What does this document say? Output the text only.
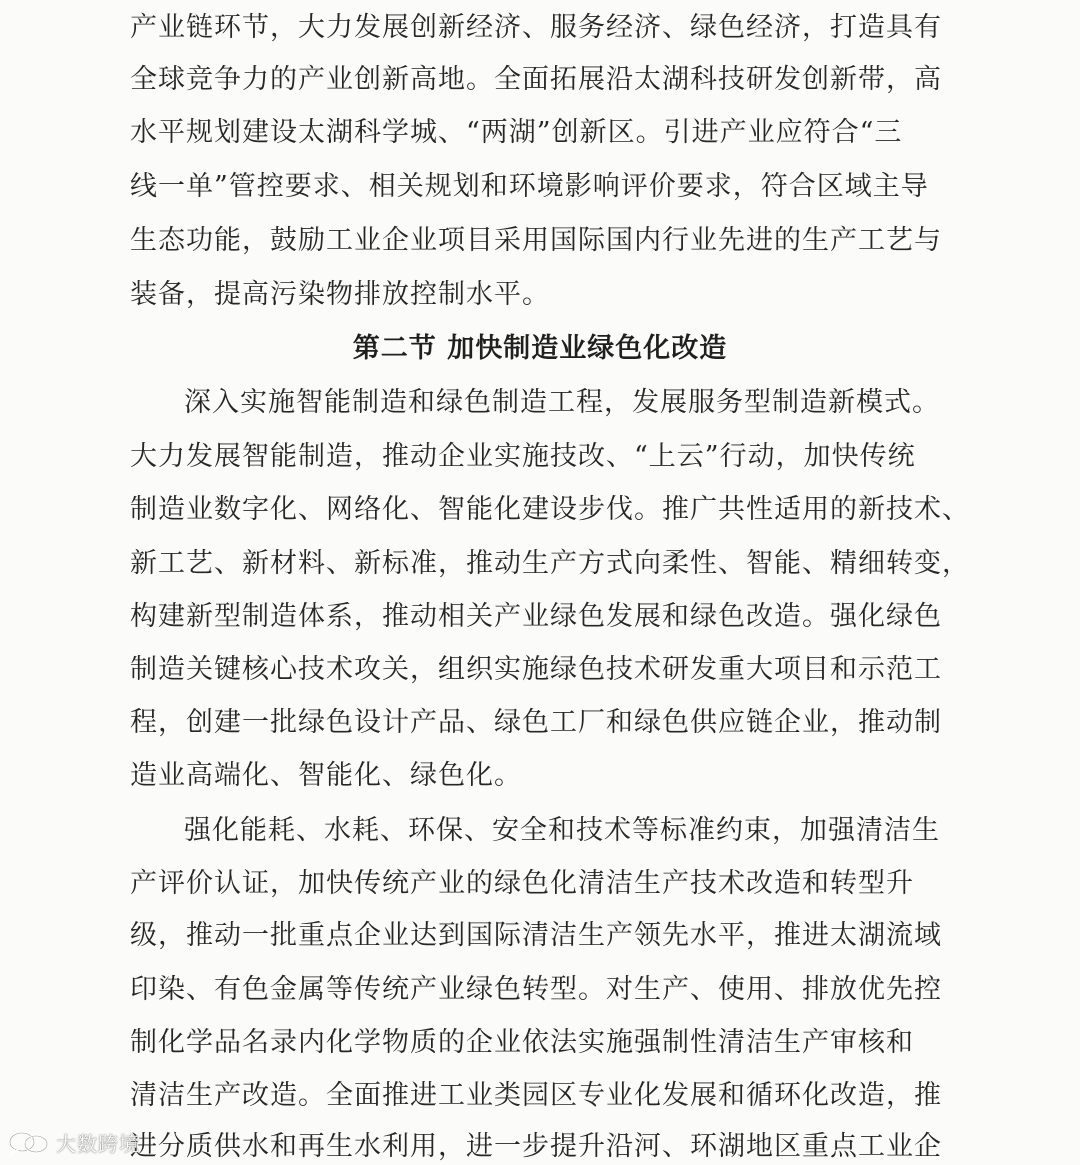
产业链环节，大力发展创新经济、服务经济、绿色经济，打造具有
全球竞争力的产业创新高地。全面拓展沿太湖科技研发创新带，高
水平规划建设太湖科学城、“两湖”创新区。引进产业应符合“三
线一单”管控要求、相关规划和环境影响评价要求，符合区域主导
生态功能，鼓励工业企业项目采用国际国内行业先进的生产工艺与
装备，提高污染物排放控制水平。
第二节 加快制造业绿色化改造
深入实施智能制造和绿色制造工程，发展服务型制造新模式。
大力发展智能制造，推动企业实施技改、“上云”行动，加快传统
制造业数字化、网络化、智能化建设步伐。推广共性适用的新技术、
新工艺、新材料、新标准，推动生产方式向柔性、智能、精细转变，
构建新型制造体系，推动相关产业绿色发展和绿色改造。强化绿色
制造关键核心技术攻关，组织实施绿色技术研发重大项目和示范工
程，创建一批绿色设计产品、绿色工厂和绿色供应链企业，推动制
造业高端化、智能化、绿色化。
强化能耗、水耗、环保、安全和技术等标准约束，加强清洁生
产评价认证，加快传统产业的绿色化清洁生产技术改造和转型升
级，推动一批重点企业达到国际清洁生产领先水平，推进太湖流域
印染、有色金属等传统产业绿色转型。对生产、使用、排放优先控
制化学品名录内化学物质的企业依法实施强制性清洁生产审核和
清洁生产改造。全面推进工业类园区专业化发展和循环化改造，推
进分质供水和再生水利用，进一步提升沿河、环湖地区重点工业企
大数跨境
